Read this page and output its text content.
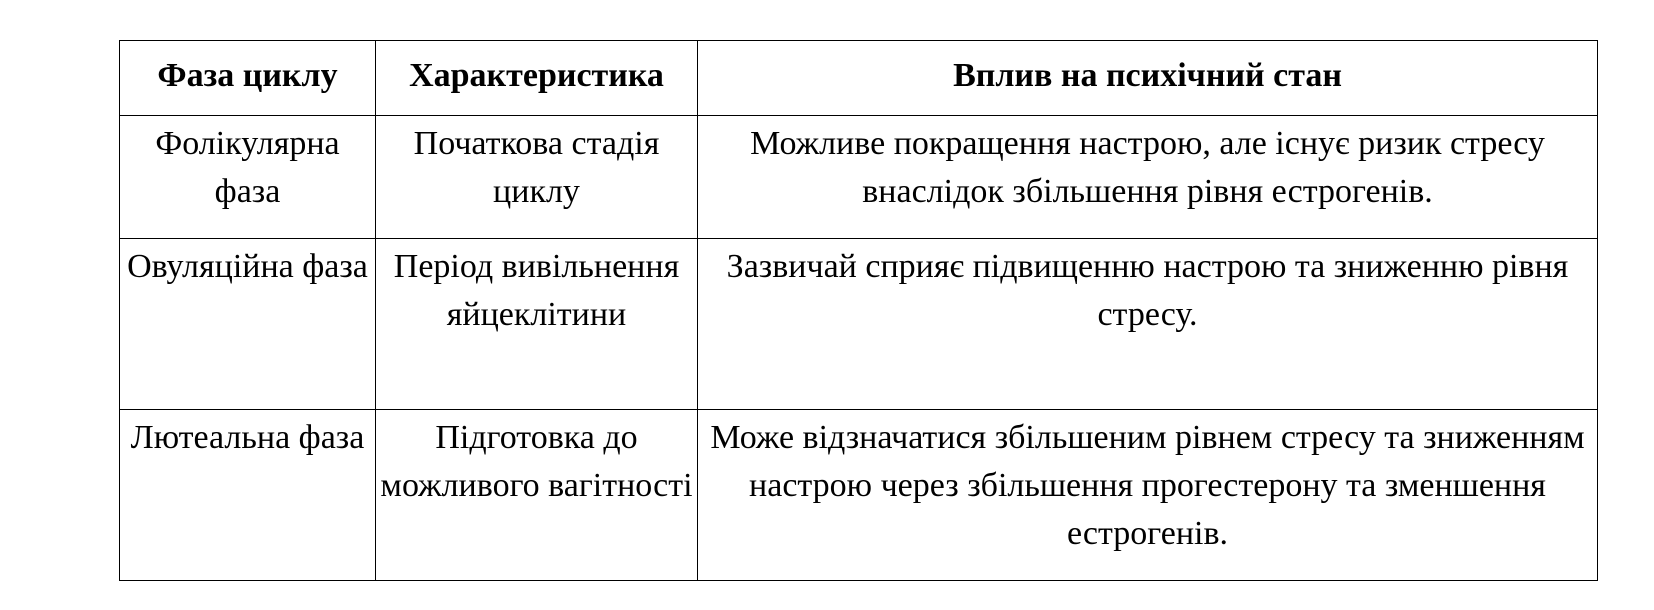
Фаза циклу	Характеристика	Вплив на психічний стан
Фолікулярна фаза	Початкова стадія циклу	Можливе покращення настрою, але існує ризик стресу внаслідок збільшення рівня естрогенів.
Овуляційна фаза	Період вивільнення яйцеклітини	Зазвичай сприяє підвищенню настрою та зниженню рівня стресу.
Лютеальна фаза	Підготовка до можливого вагітності	Може відзначатися збільшеним рівнем стресу та зниженням настрою через збільшення прогестерону та зменшення естрогенів.
